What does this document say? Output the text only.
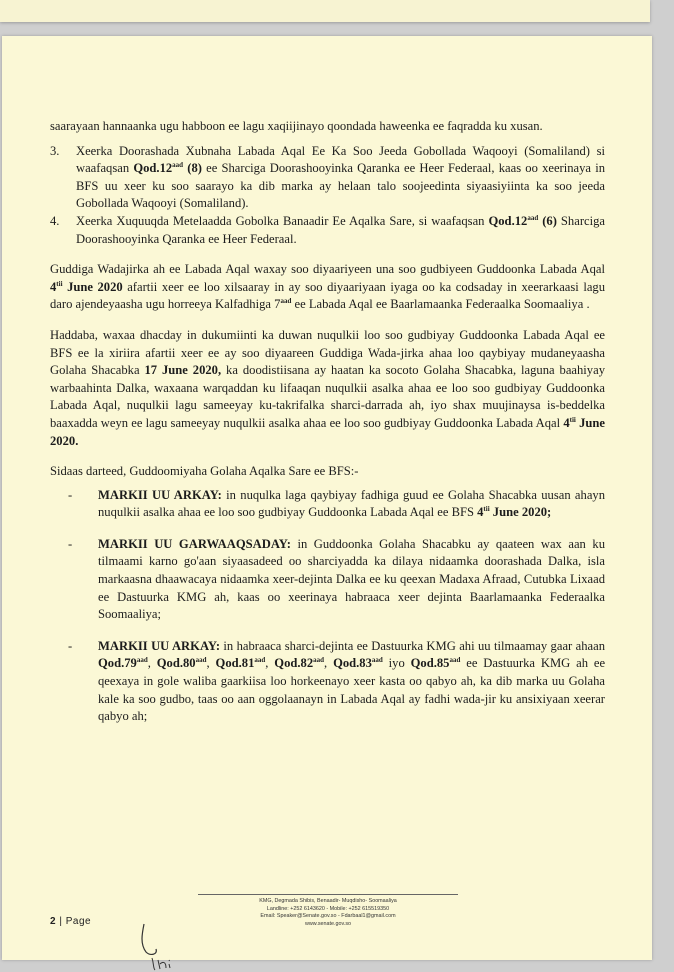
saarayaan hannaanka ugu habboon ee lagu xaqiijinayo qoondada haweenka ee faqradda ku xusan.

3.	Xeerka Doorashada Xubnaha Labada Aqal Ee Ka Soo Jeeda Gobollada Waqooyi (Somaliland) si waafaqsan Qod.12$^{aad}$ (8) ee Sharciga Doorashooyinka Qaranka ee Heer Federaal, kaas oo xeerinaya in BFS uu xeer ku soo saarayo ka dib marka ay helaan talo soojeedinta siyaasiyiinta ka soo jeeda Gobollada Waqooyi (Somaliland).
4.	Xeerka Xuquuqda Metelaadda Gobolka Banaadir Ee Aqalka Sare, si waafaqsan Qod.12$^{aad}$ (6) Sharciga Doorashooyinka Qaranka ee Heer Federaal.

Guddiga Wadajirka ah ee Labada Aqal waxay soo diyaariyeen una soo gudbiyeen Guddoonka Labada Aqal $4^{tii}$ June 2020 afartii xeer ee loo xilsaaray in ay soo diyaariyaan iyaga oo ka codsaday in xeerarkaasi lagu daro ajendeyaasha ugu horreeya Kalfadhiga $7^{aad}$ ee Labada Aqal ee Baarlamaanka Federaalka Soomaaliya .

Haddaba, waxaa dhacday in dukumiinti ka duwan nuqulkii loo soo gudbiyay Guddoonka Labada Aqal ee BFS ee la xiriira afartii xeer ee ay soo diyaareen Guddiga Wada-jirka ahaa loo qaybiyay mudaneyaasha Golaha Shacabka 17 June 2020, ka doodistiisana ay haatan ka socoto Golaha Shacabka, laguna baahiyay warbaahinta Dalka, waxaana warqaddan ku lifaaqan nuqulkii asalka ahaa ee loo soo gudbiyay Guddoonka Labada Aqal, nuqulkii lagu sameeyay ku-takrifalka sharci-darrada ah, iyo shax muujinaysa is-beddelka baaxadda weyn ee lagu sameeyay nuqulkii asalka ahaa ee loo soo gudbiyay Guddoonka Labada Aqal $4^{tii}$ June 2020.

Sidaas darteed, Guddoomiyaha Golaha Aqalka Sare ee BFS:-

-	MARKII UU ARKAY: in nuqulka laga qaybiyay fadhiga guud ee Golaha Shacabka uusan ahayn nuqulkii asalka ahaa ee loo soo gudbiyay Guddoonka Labada Aqal ee BFS $4^{tii}$ June 2020;
-	MARKII UU GARWAAQSADAY: in Guddoonka Golaha Shacabku ay qaateen wax aan ku tilmaami karno go'aan siyaasadeed oo sharciyadda ka dilaya nidaamka doorashada Dalka, isla markaasna dhaawacaya nidaamka xeer-dejinta Dalka ee ku qeexan Madaxa Afraad, Cutubka Lixaad ee Dastuurka KMG ah, kaas oo xeerinaya habraaca xeer dejinta Baarlamaanka Federaalka Soomaaliya;
-	MARKII UU ARKAY: in habraaca sharci-dejinta ee Dastuurka KMG ahi uu tilmaamay gaar ahaan Qod.79$^{aad}$, Qod.80$^{aad}$, Qod.81$^{aad}$, Qod.82$^{aad}$, Qod.83$^{aad}$ iyo Qod.85$^{aad}$ ee Dastuurka KMG ah ee qeexaya in gole waliba gaarkiisa loo horkeenayo xeer kasta oo qabyo ah, ka dib marka uu Golaha kale ka soo gudbo, taas oo aan oggolaanayn in Labada Aqal ay fadhi wada-jir ku ansixiyaan xeerar qabyo ah;
KMG, Degmada Shibis, Benaadir- Muqdisho- Soomaaliya
Landline: +252 6143620 - Mobile: +252 615519350
Email: Speaker@Senate.gov.so - Fdarbaal1@gmail.com
www.senate.gov.so
2 | Page
